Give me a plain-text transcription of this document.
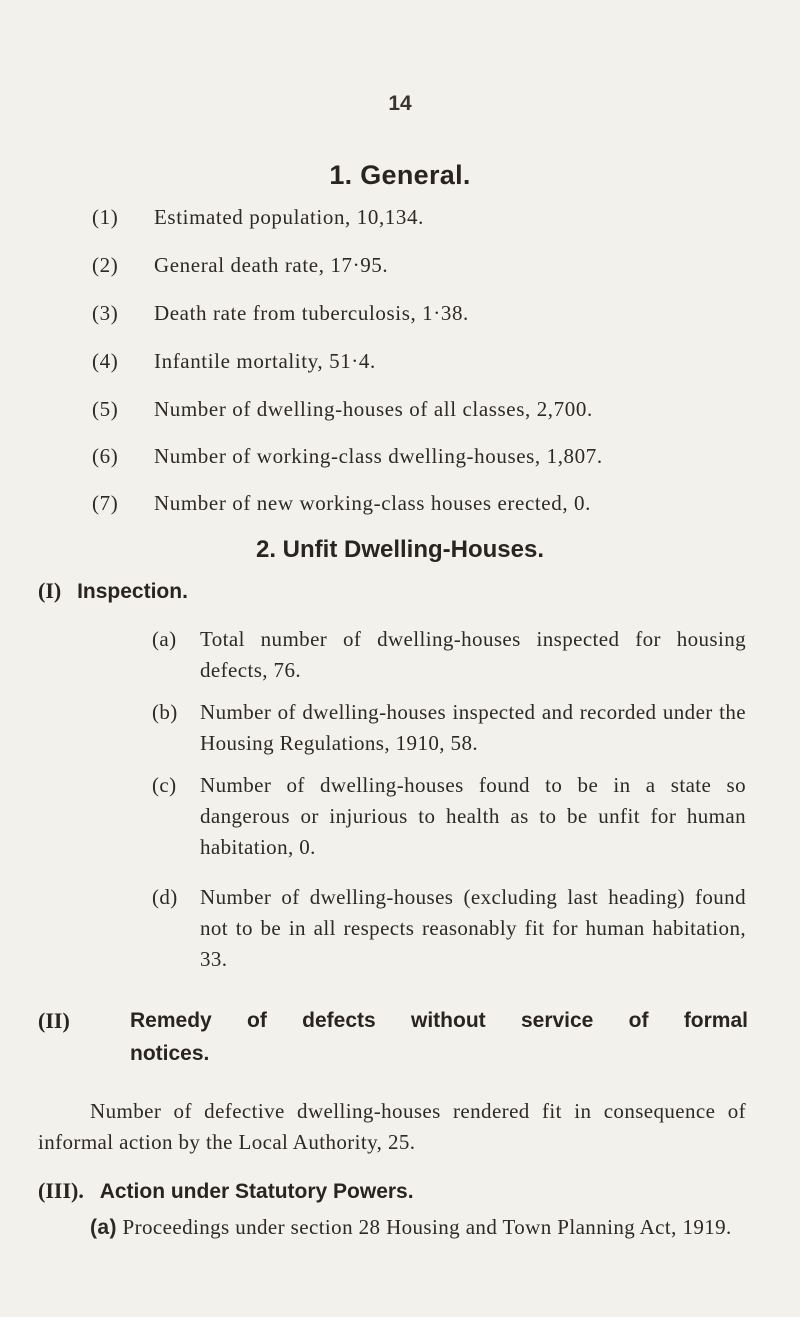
14
1. General.
(1) Estimated population, 10,134.
(2) General death rate, 17·95.
(3) Death rate from tuberculosis, 1·38.
(4) Infantile mortality, 51·4.
(5) Number of dwelling-houses of all classes, 2,700.
(6) Number of working-class dwelling-houses, 1,807.
(7) Number of new working-class houses erected, 0.
2. Unfit Dwelling-Houses.
(I) Inspection.
(a) Total number of dwelling-houses inspected for housing defects, 76.
(b) Number of dwelling-houses inspected and recorded under the Housing Regulations, 1910, 58.
(c) Number of dwelling-houses found to be in a state so dangerous or injurious to health as to be unfit for human habitation, 0.
(d) Number of dwelling-houses (excluding last heading) found not to be in all respects reasonably fit for human habitation, 33.
(II)	Remedy of defects without service of formal
notices.
Number of defective dwelling-houses rendered fit in consequence of informal action by the Local Authority, 25.
(III). Action under Statutory Powers.
(a) Proceedings under section 28 Housing and Town Planning Act, 1919.
